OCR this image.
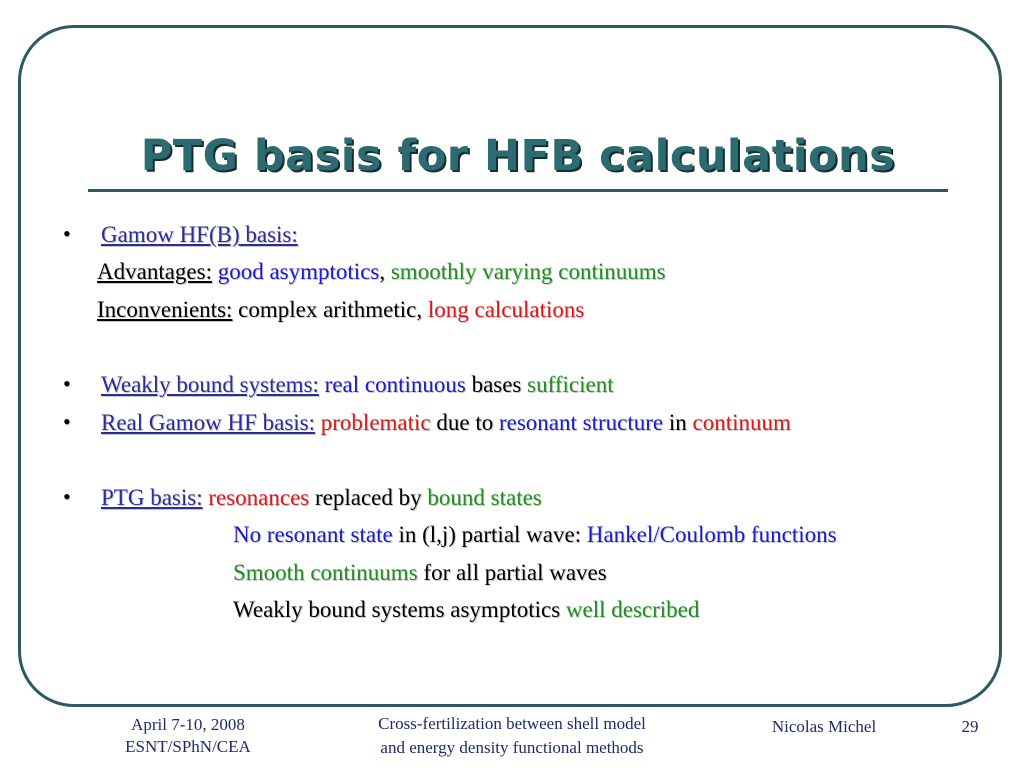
PTG basis for HFB calculations
• Gamow HF(B) basis:
Advantages: good asymptotics, smoothly varying continuums
Inconvenients: complex arithmetic, long calculations
• Weakly bound systems: real continuous bases sufficient
• Real Gamow HF basis: problematic due to resonant structure in continuum
• PTG basis: resonances replaced by bound states
No resonant state in (l,j) partial wave: Hankel/Coulomb functions
Smooth continuums for all partial waves
Weakly bound systems asymptotics well described
April 7-10, 2008
ESNT/SPhN/CEA
Cross-fertilization between shell model
and energy density functional methods
Nicolas Michel	29
